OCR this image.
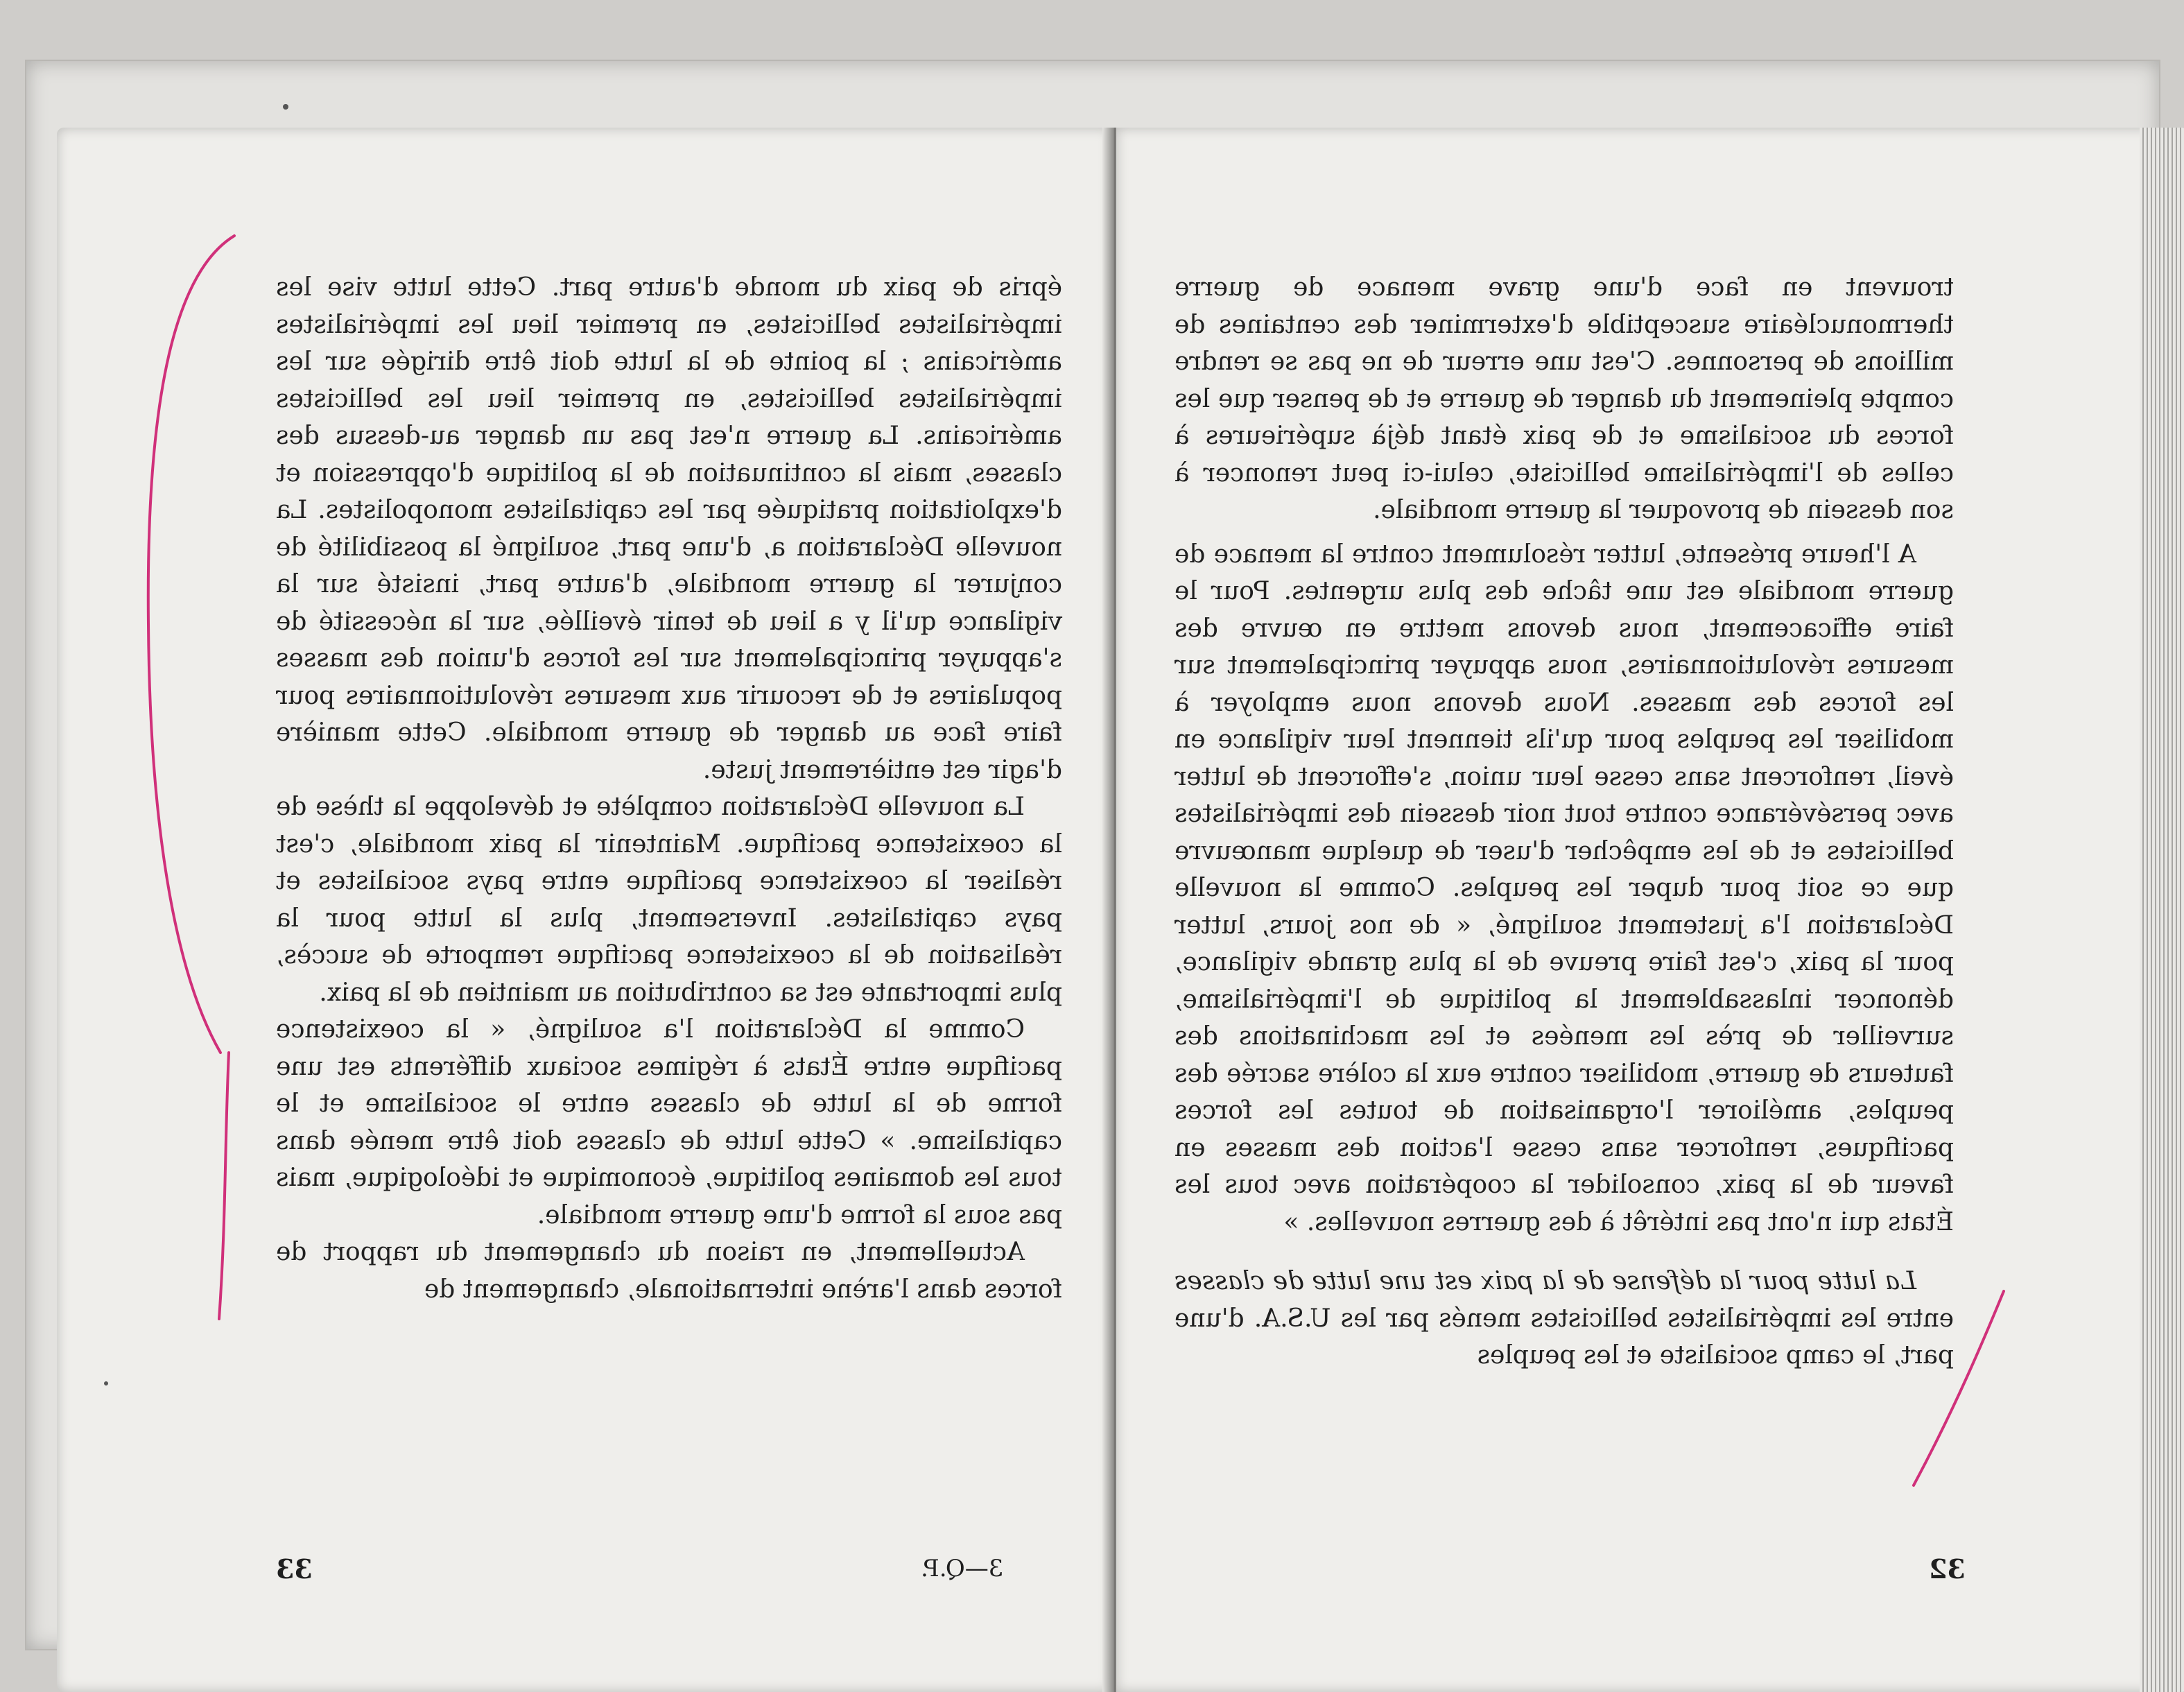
épris de paix du monde d'autre part. Cette lutte vise les impérialistes bellicistes, en premier lieu les impérialistes américains ; la pointe de la lutte doit être dirigée sur les impérialistes bellicistes, en premier lieu les bellicistes américains. La guerre n'est pas un danger au-dessus des classes, mais la continuation de la politique d'oppression et d'exploitation pratiquée par les capitalistes monopolistes. La nouvelle Déclaration a, d'une part, souligné la possibilité de conjurer la guerre mondiale, d'autre part, insisté sur la vigilance qu'il y a lieu de tenir éveillée, sur la nécessité de s'appuyer principalement sur les forces d'union des masses populaires et de recourir aux mesures révolutionnaires pour faire face au danger de guerre mondiale. Cette manière d'agir est entièrement juste.

La nouvelle Déclaration complète et développe la thèse de la coexistence pacifique. Maintenir la paix mondiale, c'est réaliser la coexistence pacifique entre pays socialistes et pays capitalistes. Inversement, plus la lutte pour la réalisation de la coexistence pacifique remporte de succès, plus importante est sa contribution au maintien de la paix.

Comme la Déclaration l'a souligné, « la coexistence pacifique entre États à régimes sociaux différents est une forme de la lutte de classes entre le socialisme et le capitalisme. » Cette lutte de classes doit être menée dans tous les domaines politique, économique et idéologique, mais pas sous la forme d'une guerre mondiale.

Actuellement, en raison du changement du rapport de forces dans l'arène internationale, changement de

33	3—Q.P.

trouvent en face d'une grave menace de guerre thermonucléaire susceptible d'exterminer des centaines de millions de personnes. C'est une erreur de ne pas se rendre compte pleinement du danger de guerre et de penser que les forces du socialisme et de paix étant déjà supérieures à celles de l'impérialisme belliciste, celui-ci peut renoncer à son dessein de provoquer la guerre mondiale.

A l'heure présente, lutter résolument contre la menace de guerre mondiale est une tâche des plus urgentes. Pour le faire efficacement, nous devons mettre en œuvre des mesures révolutionnaires, nous appuyer principalement sur les forces des masses. Nous devons nous employer à mobiliser les peuples pour qu'ils tiennent leur vigilance en éveil, renforcent sans cesse leur union, s'efforcent de lutter avec persévérance contre tout noir dessein des impérialistes bellicistes et de les empêcher d'user de quelque manœuvre que ce soit pour duper les peuples. Comme la nouvelle Déclaration l'a justement souligné, « de nos jours, lutter pour la paix, c'est faire preuve de la plus grande vigilance, dénoncer inlassablement la politique de l'impérialisme, surveiller de près les menées et les machinations des fauteurs de guerre, mobiliser contre eux la colère sacrée des peuples, améliorer l'organisation de toutes les forces pacifiques, renforcer sans cesse l'action des masses en faveur de la paix, consolider la coopération avec tous les États qui n'ont pas intérêt à des guerres nouvelles. »

La lutte pour la défense de la paix est une lutte de classes entre les impérialistes bellicistes menés par les U.S.A. d'une part, le camp socialiste et les peuples

32
